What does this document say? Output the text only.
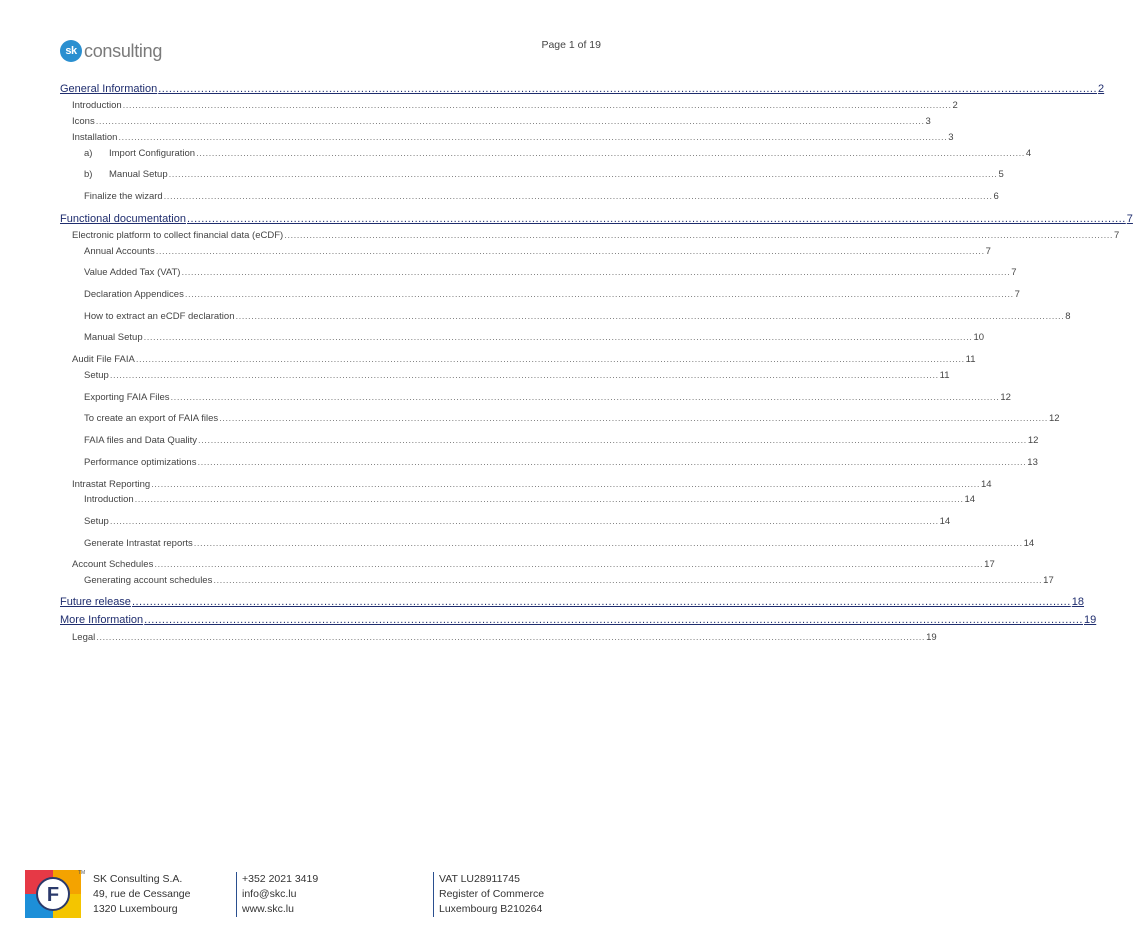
sk consulting	Page 1 of 19
General Information .....	2
Introduction .....	2
Icons .....	3
Installation .....	3
a) Import Configuration .....	4
b) Manual Setup .....	5
Finalize the wizard .....	6
Functional documentation .....	7
Electronic platform to collect financial data (eCDF) .....	7
Annual Accounts .....	7
Value Added Tax (VAT) .....	7
Declaration Appendices .....	7
How to extract an eCDF declaration .....	8
Manual Setup .....	10
Audit File FAIA .....	11
Setup .....	11
Exporting FAIA Files .....	12
To create an export of FAIA files .....	12
FAIA files and Data Quality .....	12
Performance optimizations .....	13
Intrastat Reporting .....	14
Introduction .....	14
Setup .....	14
Generate Intrastat reports .....	14
Account Schedules .....	17
Generating account schedules .....	17
Future release .....	18
More Information .....	19
Legal .....	19
F
TM SK Consulting S.A.
49, rue de Cessange
1320 Luxembourg
+352 2021 3419
info@skc.lu
www.skc.lu
VAT LU28911745
Register of Commerce
Luxembourg B210264
